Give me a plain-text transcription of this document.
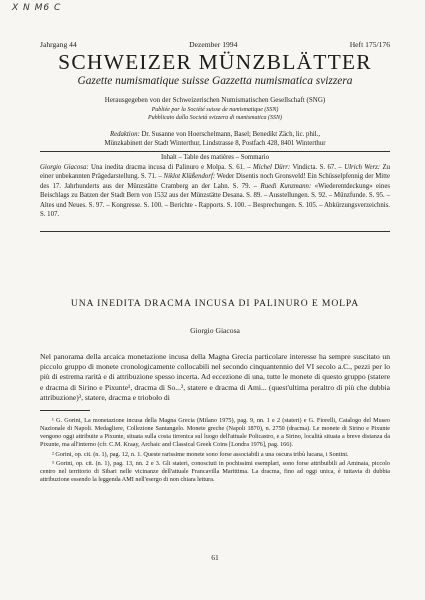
X N M6 C
Jahrgang 44	Dezember 1994	Heft 175/176
SCHWEIZER MÜNZBLÄTTER
Gazette numismatique suisse Gazzetta numismatica svizzera
Herausgegeben von der Schweizerischen Numismatischen Gesellschaft (SNG)
Publiée par la Société suisse de numismatique (SSN)
Pubblicato dalla Società svizzera di numismatica (SSN)
Redaktion: Dr. Susanne von Hoerschelmann, Basel; Benedikt Zäch, lic. phil.,
Münzkabinett der Stadt Winterthur, Lindstrasse 8, Postfach 428, 8401 Winterthur
Inhalt – Table des matières – Sommario
Giorgio Giacosa: Una inedita dracma incusa di Palinuro e Molpa. S. 61. – Michel Dürr: Vindicta. S. 67. – Ulrich Werz: Zu einer unbekannten Prägedarstellung. S. 71. – Niklot Klüßendorf: Weder Disentis noch Gronsveld! Ein Schüsselpfennig der Mitte des 17. Jahrhunderts aus der Münzstätte Cramberg an der Lahn. S. 79. – Ruedi Kunzmann: «Wiederentdeckung» eines Beischlags zu Batzen der Stadt Bern von 1532 aus der Münzstätte Desana. S. 89. – Ausstellungen. S. 92. – Münzfunde. S. 95. – Altes und Neues. S. 97. – Kongresse. S. 100. – Berichte - Rapports. S. 100. – Besprechungen. S. 105. – Abkürzungsverzeichnis. S. 107.
UNA INEDITA DRACMA INCUSA DI PALINURO E MOLPA
Giorgio Giacosa
Nel panorama della arcaica monetazione incusa della Magna Grecia particolare interesse ha sempre suscitato un piccolo gruppo di monete cronologicamente collocabili nel secondo cinquantennio del VI secolo a.C., pezzi per lo più di estrema rarità e di attribuzione spesso incerta. Ad eccezione di una, tutte le monete di questo gruppo (statere e dracma di Sirino e Pixunte¹, dracma di So...², statere e dracma di Ami... (quest'ultima peraltro di più che dubbia attribuzione)³, statere, dracma e trioboło di

¹ G. Gorini, La monetazione incusa della Magna Grecia (Milano 1975), pag. 9, nn. 1 e 2 (stateri) e G. Fiorelli, Catalogo del Museo Nazionale di Napoli. Medagliere, Collezione Santangelo. Monete greche (Napoli 1870), n. 2750 (dracma). Le monete di Sirino e Pixunte vengono oggi attribuite a Pixunte, situata sulla costa tirrenica sul luogo dell'attuale Policastro, e a Sirino, località situata a breve distanza da Pixunte, ma all'interno (cfr. C.M. Kraay, Archaic and Classical Greek Coins [Londra 1976], pag. 166).

² Gorini, op. cit. (n. 1), pag. 12, n. 1. Queste rarissime monete sono forse associabili a una oscura tribù lucana, i Sontini.

³ Gorini, op. cit. (n. 1), pag. 13, nn. 2 e 3. Gli stateri, conosciuti in pochissimi esemplari, sono forse attribuibili ad Aminaia, piccolo centro nel territorio di Sibari nelle vicinanze dell'attuale Francavilla Marittima. La dracma, fino ad oggi unica, è tuttavia di dubbia attribuzione essendo la leggenda AMI nell'esergo di non chiara lettura.

61
